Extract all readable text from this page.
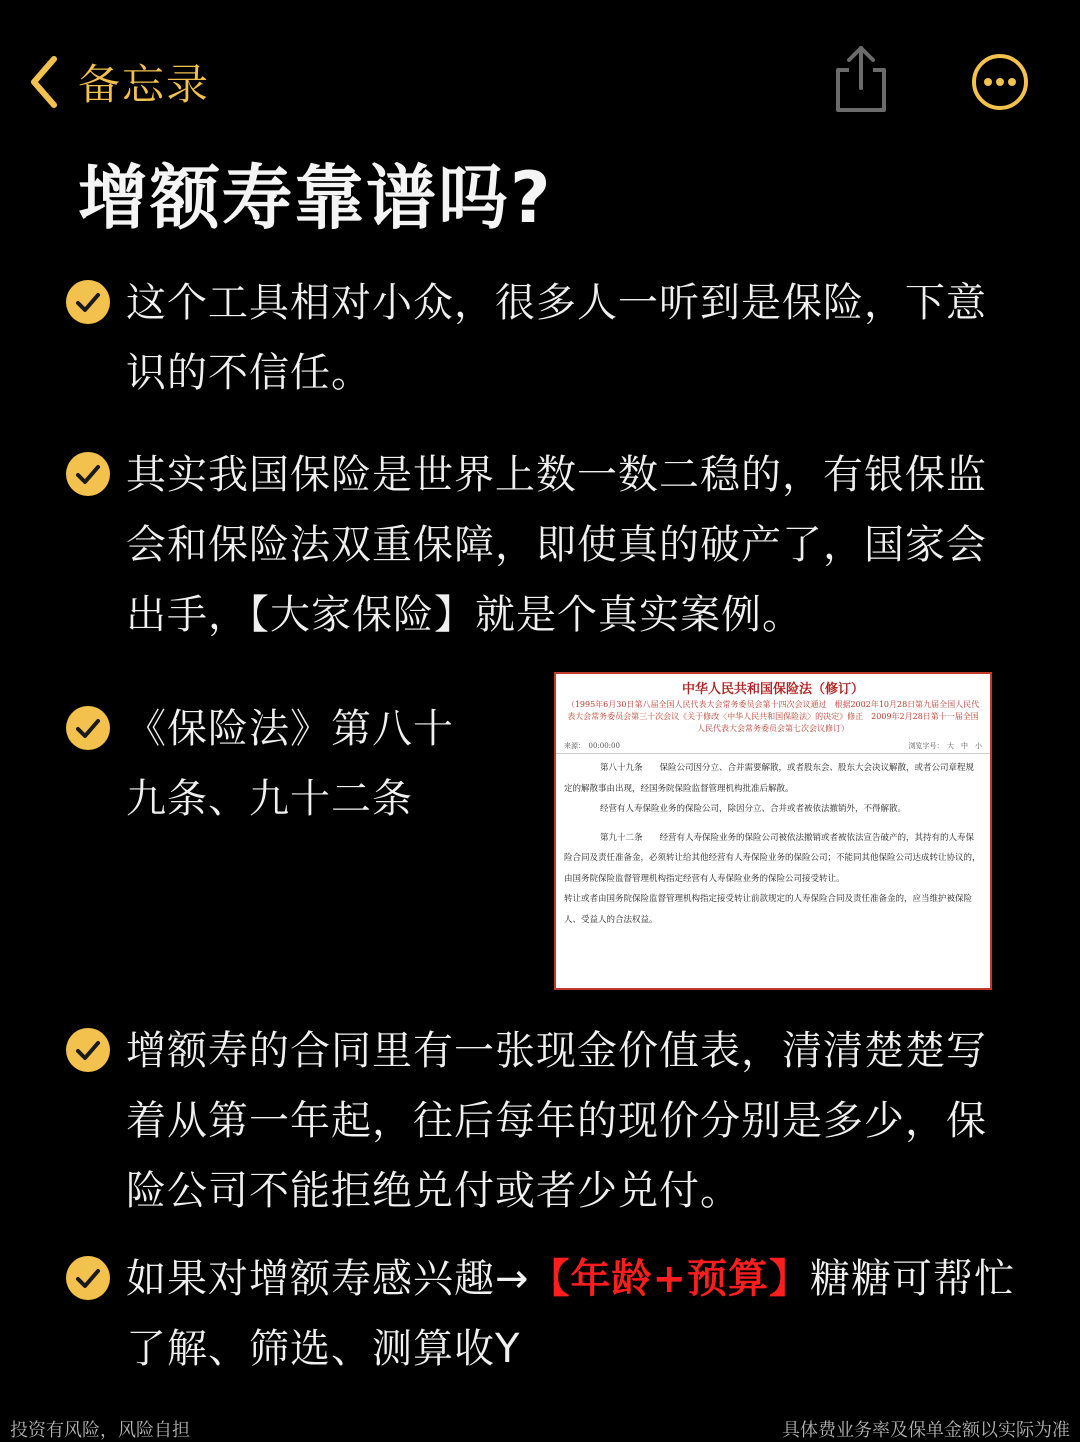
备忘录
增额寿靠谱吗?
这个工具相对小众，很多人一听到是保险，下意识的不信任。
其实我国保险是世界上数一数二稳的，有银保监会和保险法双重保障，即使真的破产了，国家会出手，【大家保险】就是个真实案例。
《保险法》第八十九条、九十二条
中华人民共和国保险法（修订）
（1995年6月30日第八届全国人民代表大会常务委员会第十四次会议通过　根据2002年10月28日第九届全国人民代表大会常务委员会第三十次会议《关于修改〈中华人民共和国保险法〉的决定》修正　2009年2月28日第十一届全国人民代表大会常务委员会第七次会议修订）
来源：　00:00:00	浏览字号：　大　中　小

第八十九条　　保险公司因分立、合并需要解散，或者股东会、股东大会决议解散，或者公司章程规定的解散事由出现，经国务院保险监督管理机构批准后解散。

经营有人寿保险业务的保险公司，除因分立、合并或者被依法撤销外，不得解散。

第九十二条　　经营有人寿保险业务的保险公司被依法撤销或者被依法宣告破产的，其持有的人寿保险合同及责任准备金，必须转让给其他经营有人寿保险业务的保险公司；不能同其他保险公司达成转让协议的，由国务院保险监督管理机构指定经营有人寿保险业务的保险公司接受转让。

转让或者由国务院保险监督管理机构指定接受转让前款规定的人寿保险合同及责任准备金的，应当维护被保险人、受益人的合法权益。

增额寿的合同里有一张现金价值表，清清楚楚写着从第一年起，往后每年的现价分别是多少，保险公司不能拒绝兑付或者少兑付。
如果对增额寿感兴趣→【年龄+预算】糖糖可帮忙了解、筛选、测算收Y
投资有风险，风险自担	具体费业务率及保单金额以实际为准
